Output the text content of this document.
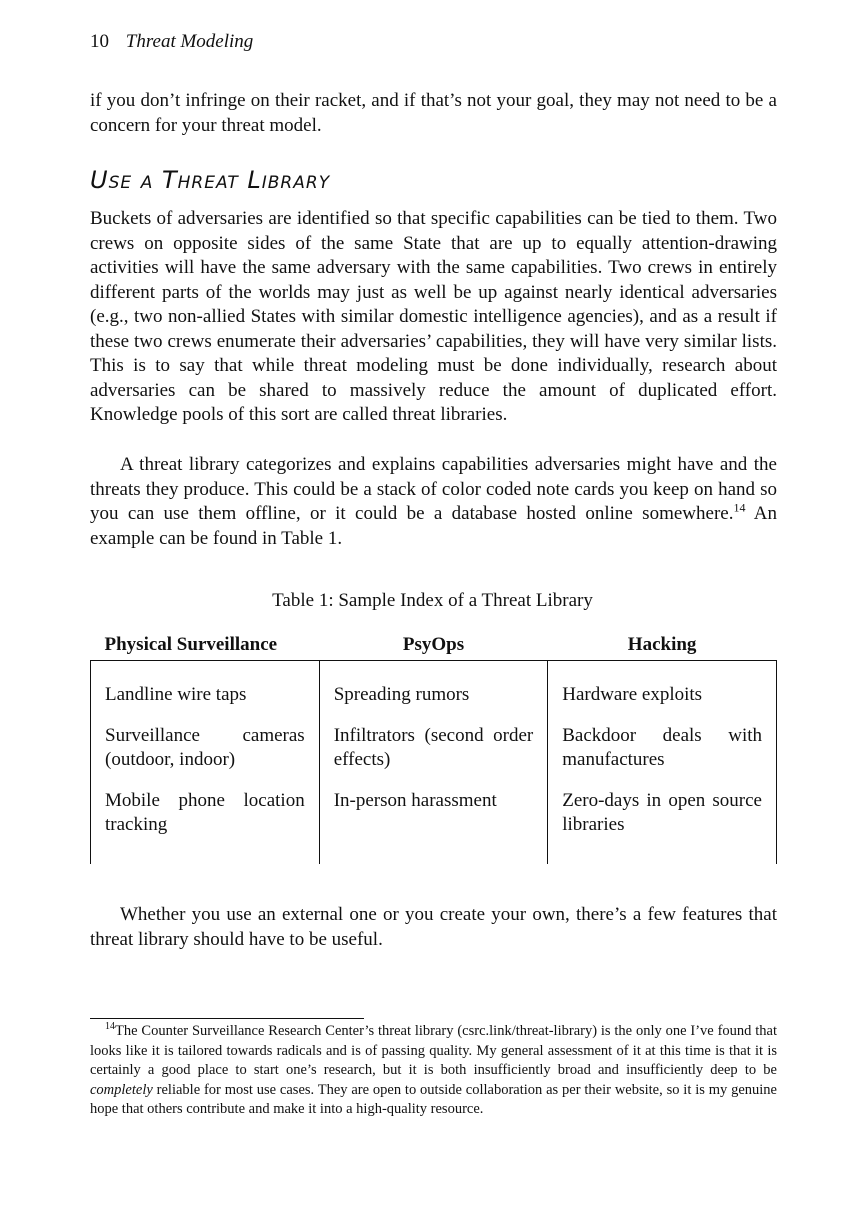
10 Threat Modeling
if you don’t infringe on their racket, and if that’s not your goal, they may not need to be a concern for your threat model.
Use a Threat Library
Buckets of adversaries are identified so that specific capabilities can be tied to them. Two crews on opposite sides of the same State that are up to equally attention-drawing activities will have the same adversary with the same capabilities. Two crews in entirely different parts of the worlds may just as well be up against nearly identical adversaries (e.g., two non-allied States with similar domestic intelligence agencies), and as a result if these two crews enumerate their adversaries’ capabilities, they will have very similar lists. This is to say that while threat modeling must be done individually, research about adversaries can be shared to massively reduce the amount of duplicated effort. Knowledge pools of this sort are called threat libraries.
A threat library categorizes and explains capabilities adversaries might have and the threats they produce. This could be a stack of color coded note cards you keep on hand so you can use them offline, or it could be a database hosted online somewhere.$^{14}$ An example can be found in Table 1.
Table 1: Sample Index of a Threat Library
Physical Surveillance	PsyOps	Hacking

Landline wire taps	Spreading rumors	Hardware exploits
Surveillance cameras (outdoor, indoor)	Infiltrators (second order effects)	Backdoor deals with manufactures
Mobile phone location tracking	In-person harassment	Zero-days in open source libraries
Whether you use an external one or you create your own, there’s a few features that threat library should have to be useful.
$^{14}$The Counter Surveillance Research Center’s threat library (csrc.link/threat-library) is the only one I’ve found that looks like it is tailored towards radicals and is of passing quality. My general assessment of it at this time is that it is certainly a good place to start one’s research, but it is both insufficiently broad and insufficiently deep to be completely reliable for most use cases. They are open to outside collaboration as per their website, so it is my genuine hope that others contribute and make it into a high-quality resource.
